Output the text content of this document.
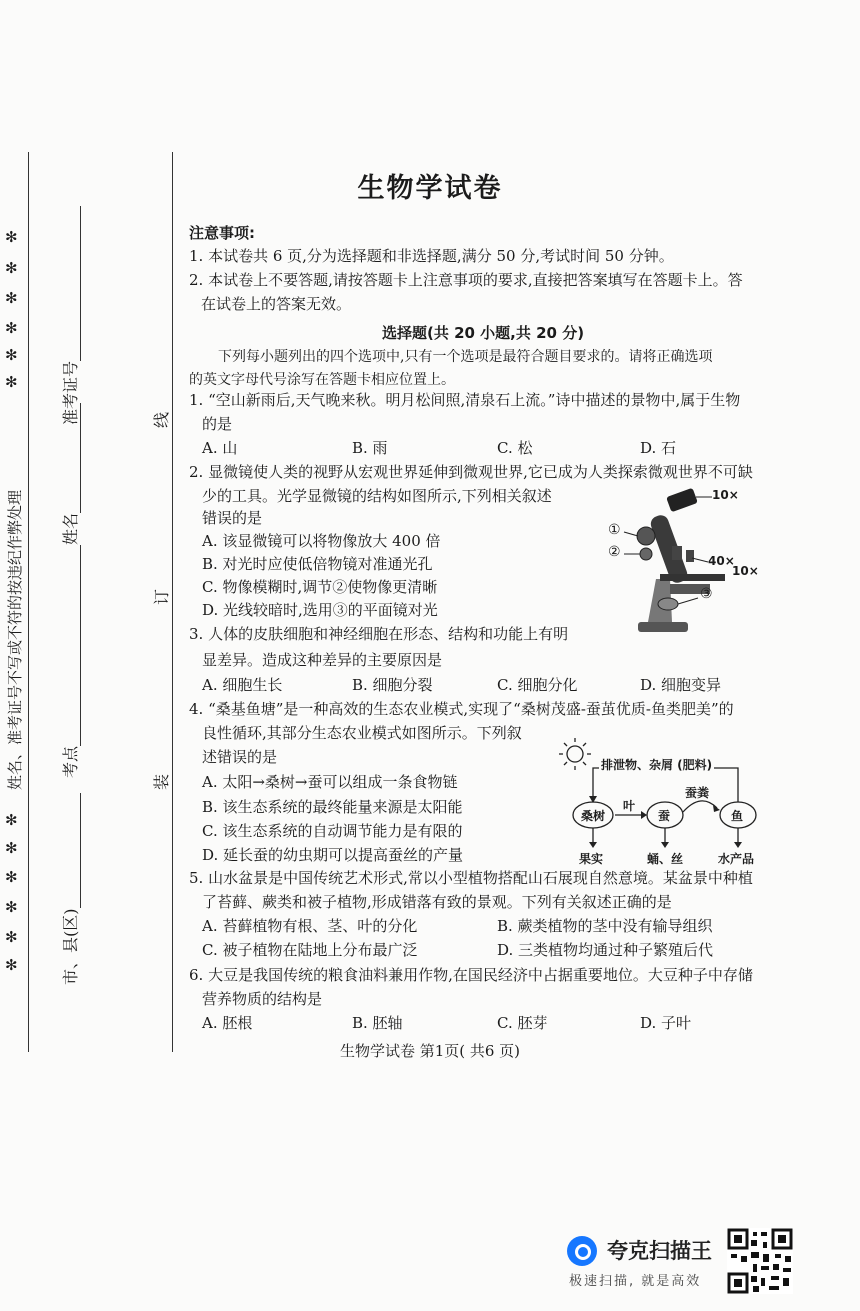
✻
✻
✻
✻
✻
✻
✻
✻
✻
✻
✻
✻
姓名、准考证号不写或不符的按违纪作弊处理
准考证号
姓名
考点
市、县(区)
线
订
装
生物学试卷
注意事项:
1. 本试卷共 6 页,分为选择题和非选择题,满分 50 分,考试时间 50 分钟。
2. 本试卷上不要答题,请按答题卡上注意事项的要求,直接把答案填写在答题卡上。答
在试卷上的答案无效。
选择题(共 20 小题,共 20 分)
下列每小题列出的四个选项中,只有一个选项是最符合题目要求的。请将正确选项
的英文字母代号涂写在答题卡相应位置上。
1. “空山新雨后,天气晚来秋。明月松间照,清泉石上流。”诗中描述的景物中,属于生物
的是
A. 山	B. 雨	C. 松	D. 石
2. 显微镜使人类的视野从宏观世界延伸到微观世界,它已成为人类探索微观世界不可缺
少的工具。光学显微镜的结构如图所示,下列相关叙述
错误的是
A. 该显微镜可以将物像放大 400 倍
B. 对光时应使低倍物镜对准通光孔
C. 物像模糊时,调节②使物像更清晰
D. 光线较暗时,选用③的平面镜对光
10×
①
②
40×
10×
③
3. 人体的皮肤细胞和神经细胞在形态、结构和功能上有明
显差异。造成这种差异的主要原因是
A. 细胞生长	B. 细胞分裂	C. 细胞分化	D. 细胞变异
4. “桑基鱼塘”是一种高效的生态农业模式,实现了“桑树茂盛-蚕茧优质-鱼类肥美”的
良性循环,其部分生态农业模式如图所示。下列叙
述错误的是
A. 太阳→桑树→蚕可以组成一条食物链
B. 该生态系统的最终能量来源是太阳能
C. 该生态系统的自动调节能力是有限的
D. 延长蚕的幼虫期可以提高蚕丝的产量
排泄物、杂屑 (肥料)
桑树	蚕	鱼
叶
蚕粪
果实	蛹、丝	水产品
5. 山水盆景是中国传统艺术形式,常以小型植物搭配山石展现自然意境。某盆景中种植
了苔藓、蕨类和被子植物,形成错落有致的景观。下列有关叙述正确的是
A. 苔藓植物有根、茎、叶的分化	B. 蕨类植物的茎中没有输导组织
C. 被子植物在陆地上分布最广泛	D. 三类植物均通过种子繁殖后代
6. 大豆是我国传统的粮食油料兼用作物,在国民经济中占据重要地位。大豆种子中存储
营养物质的结构是
A. 胚根	B. 胚轴	C. 胚芽	D. 子叶
生物学试卷 第1页( 共6 页)
夸克扫描王
极速扫描, 就是高效
